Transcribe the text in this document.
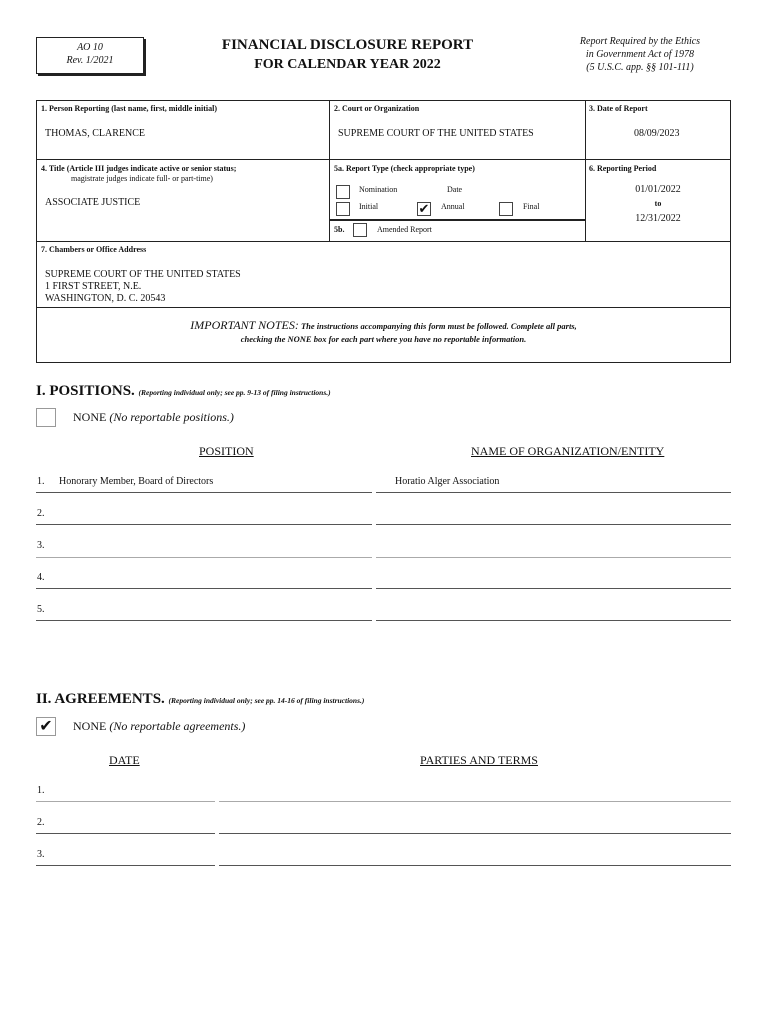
AO 10
Rev. 1/2021
FINANCIAL DISCLOSURE REPORT
FOR CALENDAR YEAR 2022
Report Required by the Ethics
in Government Act of 1978
(5 U.S.C. app. §§ 101-111)
1. Person Reporting (last name, first, middle initial)
THOMAS, CLARENCE
2. Court or Organization
SUPREME COURT OF THE UNITED STATES
3. Date of Report
08/09/2023
4. Title (Article III judges indicate active or senior status;
magistrate judges indicate full- or part-time)
ASSOCIATE JUSTICE
5a. Report Type (check appropriate type)
Nomination	Date
Initial	✔ Annual	Final
5b.	Amended Report
6. Reporting Period
01/01/2022
to
12/31/2022
7. Chambers or Office Address
SUPREME COURT OF THE UNITED STATES
1 FIRST STREET, N.E.
WASHINGTON, D. C. 20543
IMPORTANT NOTES: The instructions accompanying this form must be followed. Complete all parts,
checking the NONE box for each part where you have no reportable information.
I. POSITIONS. (Reporting individual only; see pp. 9-13 of filing instructions.)
NONE (No reportable positions.)
POSITION	NAME OF ORGANIZATION/ENTITY
1. Honorary Member, Board of Directors	Horatio Alger Association
2.
3.
4.
5.
II. AGREEMENTS. (Reporting individual only; see pp. 14-16 of filing instructions.)
✔ NONE (No reportable agreements.)
DATE	PARTIES AND TERMS
1.
2.
3.
